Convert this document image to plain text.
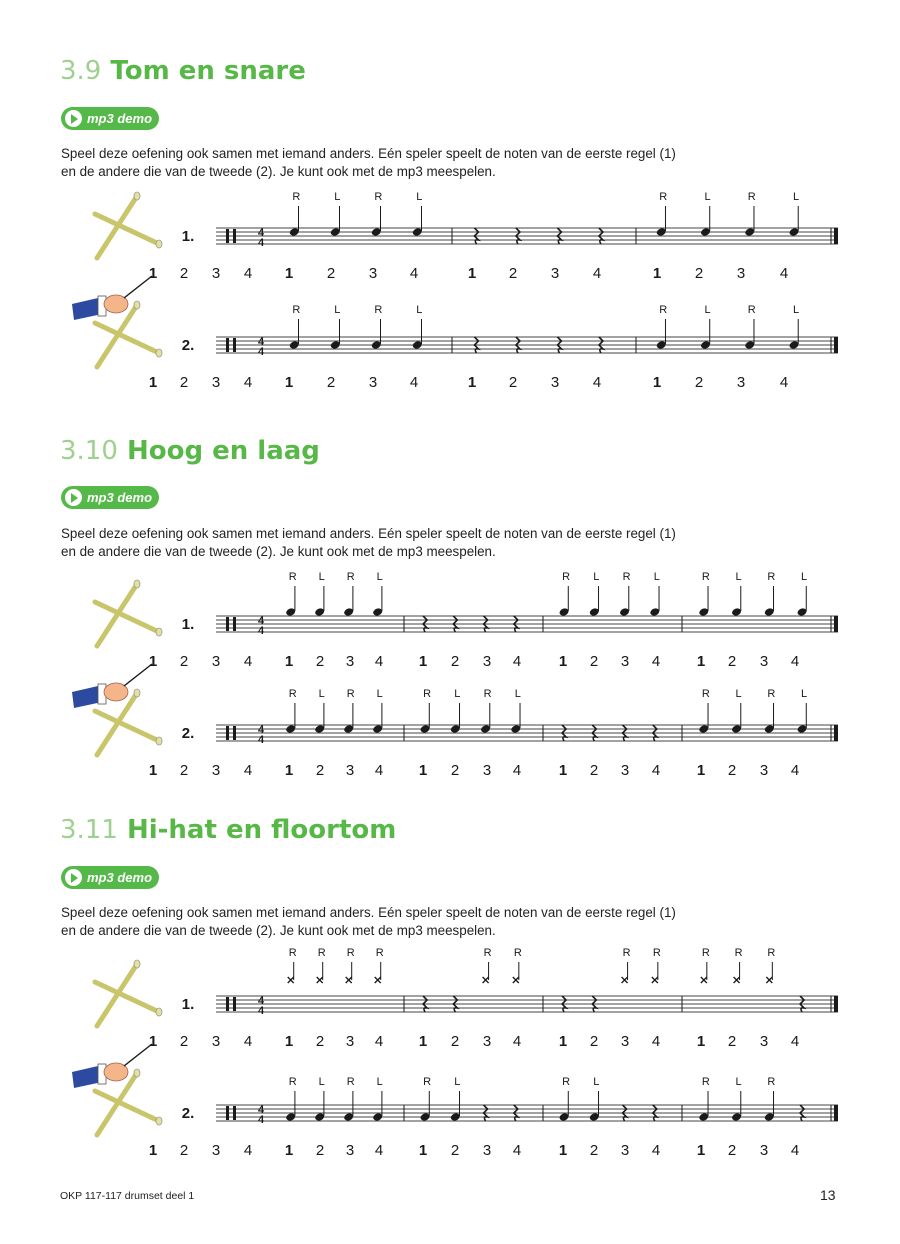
3.9 Tom en snare
mp3 demo
Speel deze oefening ook samen met iemand anders. Eén speler speelt de noten van de eerste regel (1)
en de andere die van de tweede (2). Je kunt ook met de mp3 meespelen.
1.	4
4
1 2 3 4
R
1
L
2
R
3
L
4	1 2 3 4
R
1
L
2
R
3
L
4
2.	4
4
1 2 3 4
R
1
L
2
R
3
L
4	1 2 3 4
R
1
L
2
R
3
L
4
3.10 Hoog en laag
mp3 demo
Speel deze oefening ook samen met iemand anders. Eén speler speelt de noten van de eerste regel (1)
en de andere die van de tweede (2). Je kunt ook met de mp3 meespelen.
1.	4
4
1 2 3 4
R
1
L
2
R
3
L
4 1 2 3 4
R
1
L
2
R
3
L
4
R
1
L
2
R
3
L
4
2.	4
4
1 2 3 4
R
1
L
2
R
3
L
4
R
1
L
2
R
3
L
4	1 2 3 4
R
1
L
2
R
3
L
4
3.11 Hi-hat en floortom
mp3 demo
Speel deze oefening ook samen met iemand anders. Eén speler speelt de noten van de eerste regel (1)
en de andere die van de tweede (2). Je kunt ook met de mp3 meespelen.
1.	4
4
1 2 3 4
R
1
R
2
R
3
R
4 1 2
R
3
R
4	1 2
R
3
R
4
R
1
R
2
R
3 4
2.	4
4
1 2 3 4
R
1
L
2
R
3
L
4
R
1
L
2 3 4
R
1
L
2 3 4
R
1
L
2
R
3 4
OKP 117-117 drumset deel 1	13
